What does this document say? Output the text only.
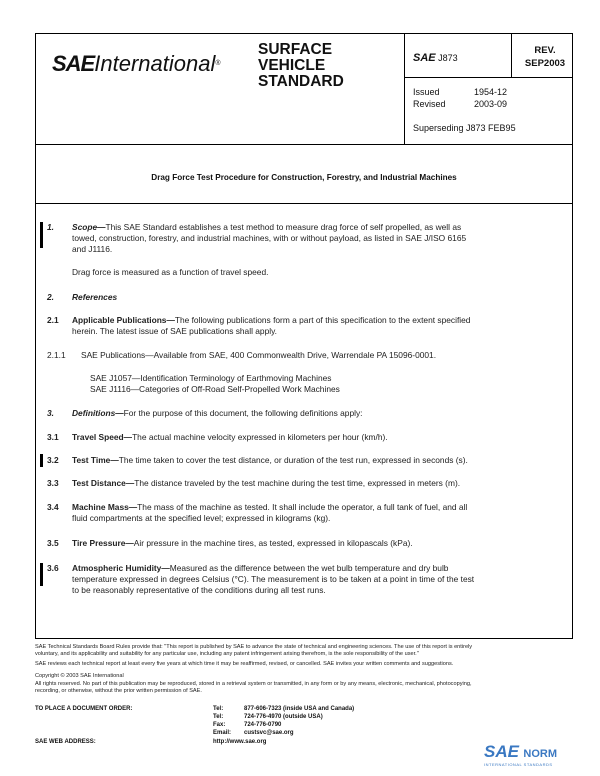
SAEInternational®
SURFACE
VEHICLE
STANDARD
SAE J873
REV.
SEP2003
Issued	1954-12
Revised	2003-09
Superseding J873 FEB95
Drag Force Test Procedure for Construction, Forestry, and Industrial Machines
1. Scope—This SAE Standard establishes a test method to measure drag force of self propelled, as well as
towed, construction, forestry, and industrial machines, with or without payload, as listed in SAE J/ISO 6165
and J1116.
Drag force is measured as a function of travel speed.
2. References
2.1 Applicable Publications—The following publications form a part of this specification to the extent specified
herein. The latest issue of SAE publications shall apply.
2.1.1 SAE Publications—Available from SAE, 400 Commonwealth Drive, Warrendale PA 15096-0001.
SAE J1057—Identification Terminology of Earthmoving Machines
SAE J1116—Categories of Off-Road Self-Propelled Work Machines
3. Definitions—For the purpose of this document, the following definitions apply:
3.1 Travel Speed—The actual machine velocity expressed in kilometers per hour (km/h).
3.2 Test Time—The time taken to cover the test distance, or duration of the test run, expressed in seconds (s).
3.3 Test Distance—The distance traveled by the test machine during the test time, expressed in meters (m).
3.4 Machine Mass—The mass of the machine as tested. It shall include the operator, a full tank of fuel, and all
fluid compartments at the specified level; expressed in kilograms (kg).
3.5 Tire Pressure—Air pressure in the machine tires, as tested, expressed in kilopascals (kPa).
3.6 Atmospheric Humidity—Measured as the difference between the wet bulb temperature and dry bulb
temperature expressed in degrees Celsius (°C). The measurement is to be taken at a point in time of the test
to be reasonably representative of the conditions during all test runs.
SAE Technical Standards Board Rules provide that: "This report is published by SAE to advance the state of technical and engineering sciences. The use of this report is entirely
voluntary, and its applicability and suitability for any particular use, including any patent infringement arising therefrom, is the sole responsibility of the user."
SAE reviews each technical report at least every five years at which time it may be reaffirmed, revised, or cancelled. SAE invites your written comments and suggestions.
Copyright © 2003 SAE International
All rights reserved. No part of this publication may be reproduced, stored in a retrieval system or transmitted, in any form or by any means, electronic, mechanical, photocopying,
recording, or otherwise, without the prior written permission of SAE.
TO PLACE A DOCUMENT ORDER:	Tel:	877-606-7323 (inside USA and Canada)
Tel:	724-776-4970 (outside USA)
Fax:	724-776-0790
Email: custsvc@sae.org
SAE WEB ADDRESS:	http://www.sae.org	SAE NORM
INTERNATIONAL STANDARDS
